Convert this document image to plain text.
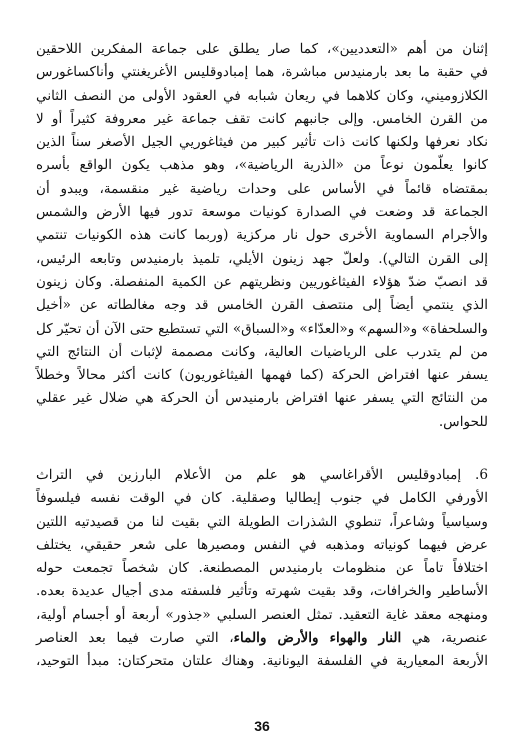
إثنان من أهم «التعدديين»، كما صار يطلق على جماعة المفكرين اللاحقين
في حقبة ما بعد بارمنيدس مباشرة، هما إمبادوقليس الأغريغنتي وأناكساغورس
الكلازوميني، وكان كلاهما في ريعان شبابه في العقود الأولى من النصف الثاني
من القرن الخامس. وإلى جانبهم كانت تقف جماعة غير معروفة كثيراً أو لا
نكاد نعرفها ولكنها كانت ذات تأثير كبير من فيثاغوريي الجيل الأصغر سناً الذين
كانوا يعلّمون نوعاً من «الذرية الرياضية»، وهو مذهب يكون الواقع بأسره
بمقتضاه قائماً في الأساس على وحدات رياضية غير منقسمة، ويبدو أن
الجماعة قد وضعت في الصدارة كونيات موسعة تدور فيها الأرض والشمس
والأجرام السماوية الأخرى حول نار مركزية (وربما كانت هذه الكونيات تنتمي
إلى القرن التالي). ولعلّ جهد زينون الأيلي، تلميذ بارمنيدس وتابعه الرئيس،
قد انصبّ ضدّ هؤلاء الفيثاغوريين ونظريتهم عن الكمية المنفصلة. وكان زينون
الذي ينتمي أيضاً إلى منتصف القرن الخامس قد وجه مغالطاته عن «أخيل
والسلحفاة» و«السهم» و«العدّاء» و«السباق» التي تستطيع حتى الآن أن تحيّر كل
من لم يتدرب على الرياضيات العالية، وكانت مصممة لإثبات أن النتائج التي
يسفر عنها افتراض الحركة (كما فهمها الفيثاغوريون) كانت أكثر محالاً وخطلاً
من النتائج التي يسفر عنها افتراض بارمنيدس أن الحركة هي ضلال غير عقلي
للحواس.
6. إمبادوقليس الأقراغاسي هو علم من الأعلام البارزين في التراث
الأورفي الكامل في جنوب إيطاليا وصقلية. كان في الوقت نفسه فيلسوفاً
وسياسياً وشاعراً، تنطوي الشذرات الطويلة التي بقيت لنا من قصيدتيه اللتين
عرض فيهما كونياته ومذهبه في النفس ومصيرها على شعر حقيقي، يختلف
اختلافاً تاماً عن منظومات بارمنيدس المصطنعة. كان شخصاً تجمعت حوله
الأساطير والخرافات، وقد بقيت شهرته وتأثير فلسفته مدى أجيال عديدة بعده.
ومنهجه معقد غاية التعقيد. تمثل العنصر السلبي «جذور» أربعة أو أجسام أولية،
عنصرية، هي النار والهواء والأرض والماء، التي صارت فيما بعد العناصر
الأربعة المعيارية في الفلسفة اليونانية. وهناك علتان متحركتان: مبدأ التوحيد،
36
